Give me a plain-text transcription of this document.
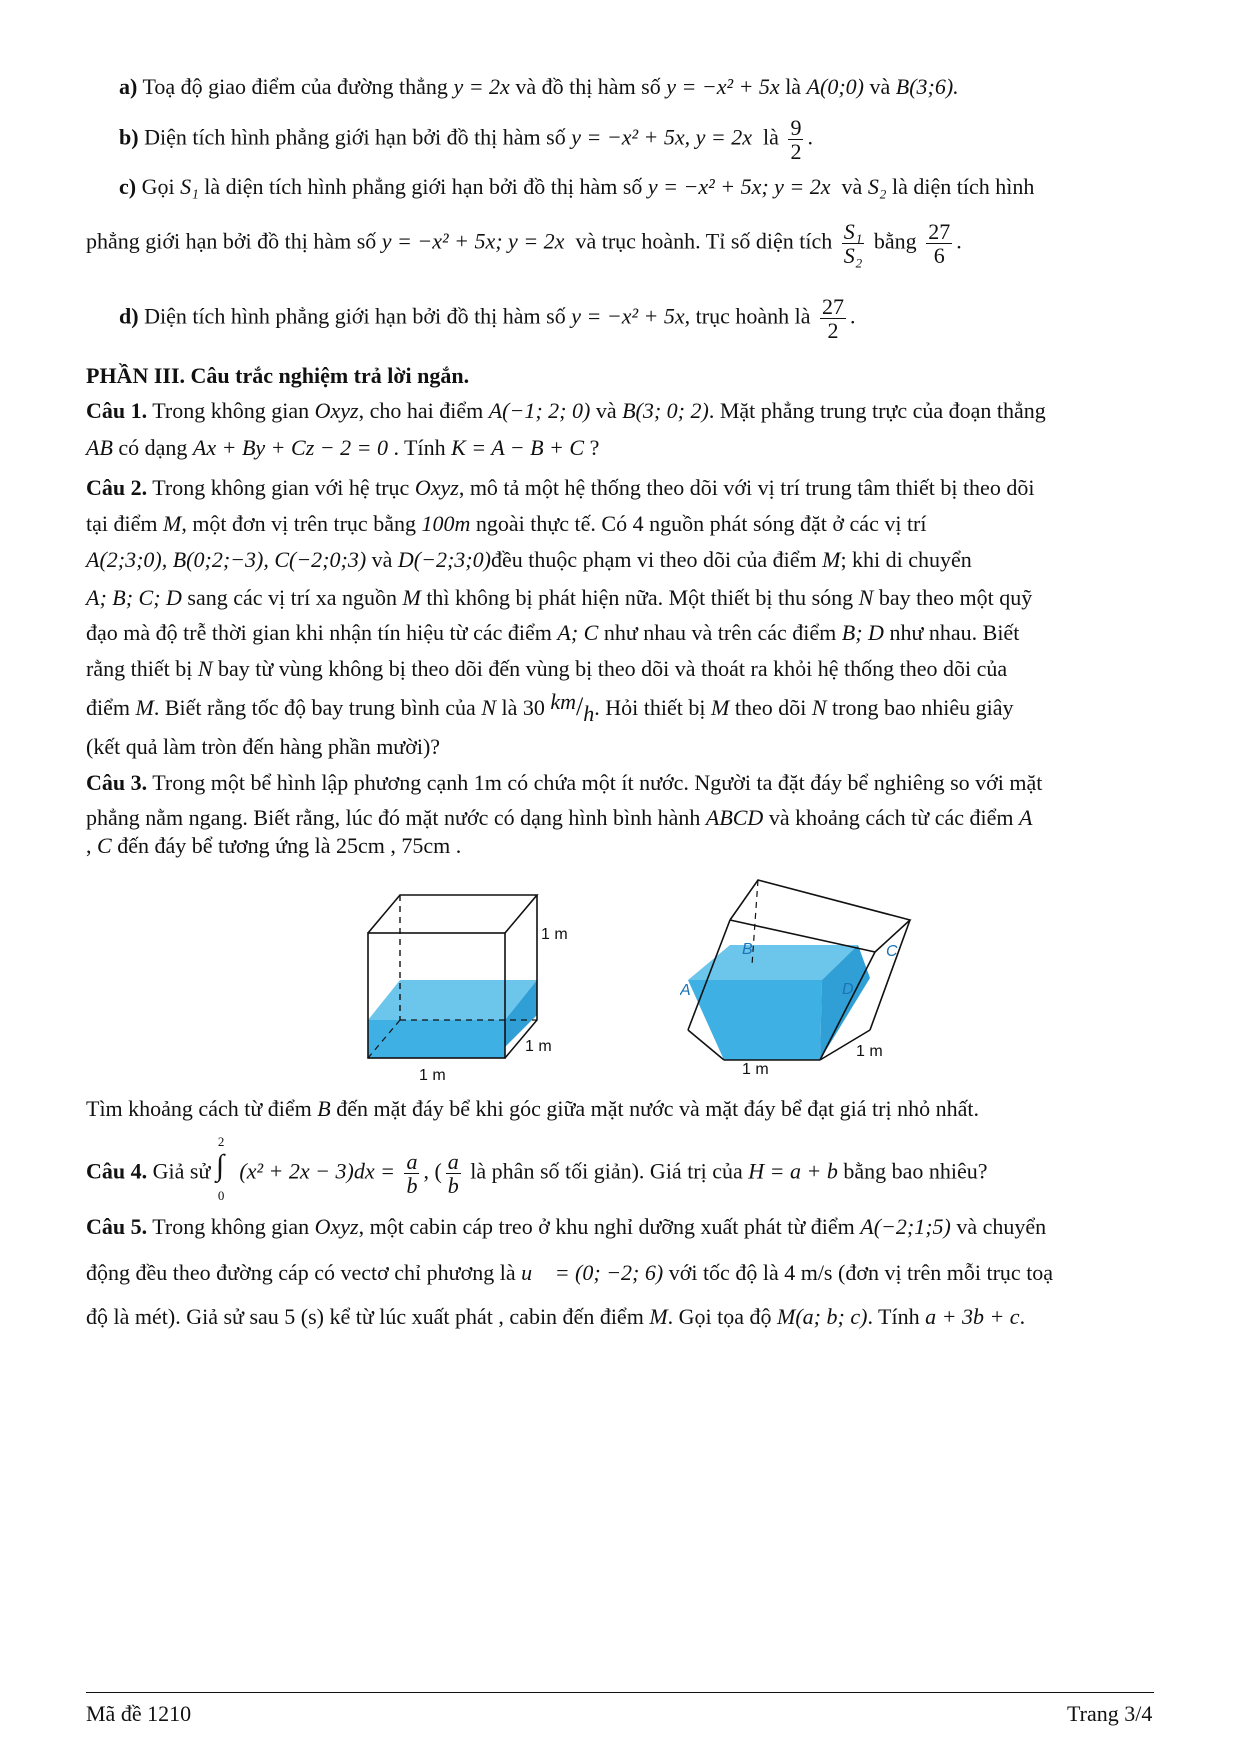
a) Toạ độ giao điểm của đường thẳng y = 2x và đồ thị hàm số y = −x² + 5x là A(0;0) và B(3;6).
b) Diện tích hình phẳng giới hạn bởi đồ thị hàm số y = −x² + 5x, y = 2x là $\frac{9}{2}$ .
c) Gọi S₁ là diện tích hình phẳng giới hạn bởi đồ thị hàm số y = −x² + 5x; y = 2x và S₂ là diện tích hình
phẳng giới hạn bởi đồ thị hàm số y = −x² + 5x; y = 2x và trục hoành. Tỉ số diện tích $\frac{\text{S₁}}{\text{S₂}}$ bằng $\frac{27}{6}$ .
d) Diện tích hình phẳng giới hạn bởi đồ thị hàm số y = −x² + 5x, trục hoành là $\frac{27}{2}$ .
PHẦN III. Câu trắc nghiệm trả lời ngắn.
Câu 1. Trong không gian Oxyz, cho hai điểm A(−1; 2; 0) và B(3; 0; 2). Mặt phẳng trung trực của đoạn thẳng
AB có dạng Ax + By + Cz − 2 = 0 . Tính K = A − B + C ?
Câu 2. Trong không gian với hệ trục Oxyz, mô tả một hệ thống theo dõi với vị trí trung tâm thiết bị theo dõi
tại điểm M, một đơn vị trên trục bằng 100m ngoài thực tế. Có 4 nguồn phát sóng đặt ở các vị trí
A(2;3;0), B(0;2;−3), C(−2;0;3) và D(−2;3;0)đều thuộc phạm vi theo dõi của điểm M; khi di chuyển
A; B; C; D sang các vị trí xa nguồn M thì không bị phát hiện nữa. Một thiết bị thu sóng N bay theo một quỹ
đạo mà độ trễ thời gian khi nhận tín hiệu từ các điểm A; C như nhau và trên các điểm B; D như nhau. Biết
rằng thiết bị N bay từ vùng không bị theo dõi đến vùng bị theo dõi và thoát ra khỏi hệ thống theo dõi của
điểm M. Biết rằng tốc độ bay trung bình của N là 30 km/h. Hỏi thiết bị M theo dõi N trong bao nhiêu giây
(kết quả làm tròn đến hàng phần mười)?
Câu 3. Trong một bể hình lập phương cạnh 1m có chứa một ít nước. Người ta đặt đáy bể nghiêng so với mặt
phẳng nằm ngang. Biết rằng, lúc đó mặt nước có dạng hình bình hành ABCD và khoảng cách từ các điểm A
, C đến đáy bể tương ứng là 25cm , 75cm .
1 m
1 m
1 m
B	C
A	D
1 m
1 m
Tìm khoảng cách từ điểm B đến mặt đáy bể khi góc giữa mặt nước và mặt đáy bể đạt giá trị nhỏ nhất.
Câu 4. Giả sử
2
∫
0
$(x^2 + 2x - 3)dx = \frac{a}{b}$ , ( $\frac{a}{b}$ là phân số tối giản). Giá trị của H = a + b bằng bao nhiêu?
Câu 5. Trong không gian Oxyz, một cabin cáp treo ở khu nghỉ dưỡng xuất phát từ điểm A(−2;1;5) và chuyển
động đều theo đường cáp có vectơ chỉ phương là u⃗ = (0; −2; 6) với tốc độ là 4 m/s (đơn vị trên mỗi trục toạ
độ là mét). Giả sử sau 5 (s) kể từ lúc xuất phát , cabin đến điểm M. Gọi tọa độ M(a; b; c). Tính a + 3b + c.
Mã đề 1210	Trang 3/4
